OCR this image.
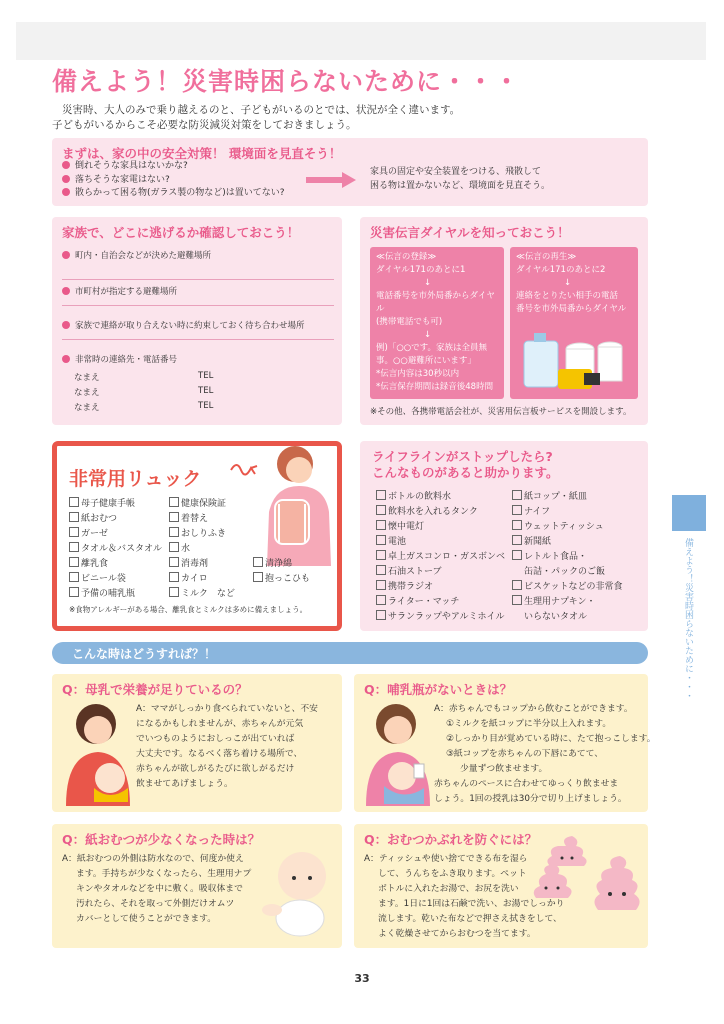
備えよう！災害時困らないために・・・
災害時、大人のみで乗り越えるのと、子どもがいるのとでは、状況が全く違います。
子どもがいるからこそ必要な防災減災対策をしておきましょう。
まずは、家の中の安全対策！ 環境面を見直そう！
倒れそうな家具はないかな?
落ちそうな家電はない?
散らかって困る物(ガラス製の物など)は置いてない?
家具の固定や安全装置をつける、飛散して
困る物は置かないなど、環境面を見直そう。
家族で、どこに逃げるか確認しておこう！
町内・自治会などが決めた避難場所
市町村が指定する避難場所
家族で連絡が取り合えない時に約束しておく待ち合わせ場所
非常時の連絡先・電話番号
なまえ	TEL
なまえ	TEL
なまえ	TEL
災害伝言ダイヤルを知っておこう！
≪伝言の登録≫
ダイヤル171のあとに1
↓
電話番号を市外局番からダイヤル
(携帯電話でも可)
↓
例)「○○です。家族は全員無
事。○○避難所にいます」
*伝言内容は30秒以内
*伝言保存期間は録音後48時間
≪伝言の再生≫
ダイヤル171のあとに2
↓
連絡をとりたい相手の電話
番号を市外局番からダイヤル
※その他、各携帯電話会社が、災害用伝言板サービスを開設します。
非常用リュック
母子健康手帳	健康保険証
紙おむつ	着替え
ガーゼ	おしりふき
タオル＆バスタオル	水
離乳食	消毒剤	清浄綿
ビニール袋	カイロ	抱っこひも
予備の哺乳瓶	ミルク　など
※食物アレルギーがある場合、離乳食とミルクは多めに備えましょう。
ライフラインがストップしたら?
こんなものがあると助かります。
ボトルの飲料水
飲料水を入れるタンク
懐中電灯
電池
卓上ガスコンロ・ガスボンベ
石油ストーブ
携帯ラジオ
ライター・マッチ
サランラップやアルミホイル
紙コップ・紙皿
ナイフ
ウェットティッシュ
新聞紙
レトルト食品・
缶詰・パックのご飯
ビスケットなどの非常食
生理用ナプキン・
いらないタオル
こんな時はどうすれば？！
Q：母乳で栄養が足りているの？
A：ママがしっかり食べられていないと、不安
になるかもしれませんが、赤ちゃんが元気
でいつものようにおしっこが出ていれば
大丈夫です。なるべく落ち着ける場所で、
赤ちゃんが欲しがるたびに欲しがるだけ
飲ませてあげましょう。
Q：哺乳瓶がないときは？
A：赤ちゃんでもコップから飲むことができます。
①ミルクを紙コップに半分以上入れます。
②しっかり目が覚めている時に、たて抱っこします。
③紙コップを赤ちゃんの下唇にあてて、
少量ずつ飲ませます。
赤ちゃんのペースに合わせてゆっくり飲ませま
しょう。1回の授乳は30分で切り上げましょう。
Q：紙おむつが少なくなった時は？
A：紙おむつの外側は防水なので、何度か使え
ます。手持ちが少なくなったら、生理用ナプ
キンやタオルなどを中に敷く。吸収体まで
汚れたら、それを取って外側だけオムツ
カバーとして使うことができます。
Q：おむつかぶれを防ぐには？
A：ティッシュや使い捨てできる布を湿ら
して、うんちをふき取ります。ペット
ボトルに入れたお湯で、お尻を洗い
ます。1日に1回は石鹸で洗い、お湯でしっかり
流します。乾いた布などで押さえ拭きをして、
よく乾燥させてからおむつを当てます。
備えよう！災害時困らないために・・・
33
